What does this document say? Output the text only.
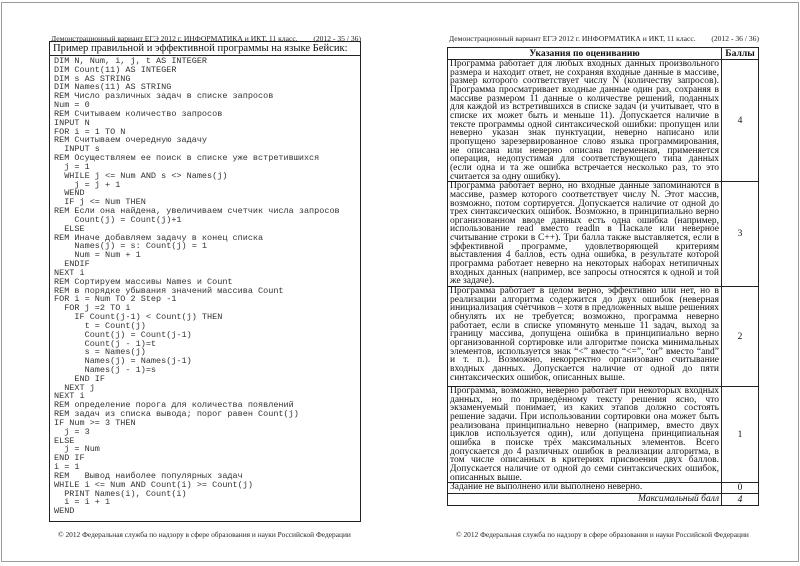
Демонстрационный вариант ЕГЭ 2012 г. ИНФОРМАТИКА и ИКТ, 11 класс. (2012 - 35 / 36)
Пример правильной и эффективной программы на языке Бейсик:
DIM N, Num, i, j, t AS INTEGER
DIM Count(11) AS INTEGER
DIM s AS STRING
DIM Names(11) AS STRING
REM Число различных задач в списке запросов
Num = 0
REM Считываем количество запросов
INPUT N
FOR i = 1 TO N
REM Считываем очередную задачу
INPUT s
REM Осуществляем ее поиск в списке уже встретившихся
j = 1
WHILE j <= Num AND s <> Names(j)
j = j + 1
WEND
IF j <= Num THEN
REM Если она найдена, увеличиваем счетчик числа запросов
Count(j) = Count(j)+1
ELSE
REM Иначе добавляем задачу в конец списка
Names(j) = s: Count(j) = 1
Num = Num + 1
ENDIF
NEXT i
REM Сортируем массивы Names и Count
REM в порядке убывания значений массива Count
FOR i = Num TO 2 Step -1
FOR j =2 TO i
IF Count(j-1) < Count(j) THEN
t = Count(j)
Count(j) = Count(j-1)
Count(j - 1)=t
s = Names(j)
Names(j) = Names(j-1)
Names(j - 1)=s
END IF
NEXT j
NEXT i
REM определение порога для количества появлений
REM задач из списка вывода; порог равен Count(j)
IF Num >= 3 THEN
j = 3
ELSE
j = Num
END IF
i = 1
REM   Вывод наиболее популярных задач
WHILE i <= Num AND Count(i) >= Count(j)
PRINT Names(i), Count(i)
i = i + 1
WEND
© 2012 Федеральная служба по надзору в сфере образования и науки Российской Федерации
Демонстрационный вариант ЕГЭ 2012 г. ИНФОРМАТИКА и ИКТ, 11 класс. (2012 - 36 / 36)
Указания по оцениванию	Баллы
Программа работает для любых входных данных произвольного размера и находит ответ, не сохраняя входные данные в массиве, размер которого соответствует числу N (количеству запросов). Программа просматривает входные данные один раз, сохраняя в массиве размером 11 данные о количестве решений, поданных для каждой из встретившихся в списке задач (и учитывает, что в списке их может быть и меньше 11). Допускается наличие в тексте программы одной синтаксической ошибки: пропущен или неверно указан знак пунктуации, неверно написано или пропущено зарезервированное слово языка программирования, не описана или неверно описана переменная, применяется операция, недопустимая для соответствующего типа данных (если одна и та же ошибка встречается несколько раз, то это считается за одну ошибку).	4
Программа работает верно, но входные данные запоминаются в массиве, размер которого соответствует числу N. Этот массив, возможно, потом сортируется. Допускается наличие от одной до трех синтаксических ошибок. Возможно, в принципиально верно организованном вводе данных есть одна ошибка (например, использование read вместо readln в Паскале или неверное считывание строки в C++). Три балла также выставляется, если в эффективной программе, удовлетворяющей критериям выставления 4 баллов, есть одна ошибка, в результате которой программа работает неверно на некоторых наборах нетипичных входных данных (например, все запросы относятся к одной и той же задаче).	3
Программа работает в целом верно, эффективно или нет, но в реализации алгоритма содержится до двух ошибок (неверная инициализация счётчиков – хотя в предложенных выше решениях обнулять их не требуется; возможно, программа неверно работает, если в списке упомянуто меньше 11 задач, выход за границу массива, допущена ошибка в принципиально верно организованной сортировке или алгоритме поиска минимальных элементов, используется знак “<” вместо “<=”, “or” вместо “and” и т. п.). Возможно, некорректно организовано считывание входных данных. Допускается наличие от одной до пяти синтаксических ошибок, описанных выше.	2
Программа, возможно, неверно работает при некоторых входных данных, но по приведённому тексту решения ясно, что экзаменуемый понимает, из каких этапов должно состоять решение задачи. При использовании сортировки она может быть реализована принципиально неверно (например, вместо двух циклов используется один), или допущена принципиальная ошибка в поиске трёх максимальных элементов. Всего допускается до 4 различных ошибок в реализации алгоритма, в том числе описанных в критериях присвоения двух баллов. Допускается наличие от одной до семи синтаксических ошибок, описанных выше.	1
Задание не выполнено или выполнено неверно.	0
Максимальный балл	4
© 2012 Федеральная служба по надзору в сфере образования и науки Российской Федерации
